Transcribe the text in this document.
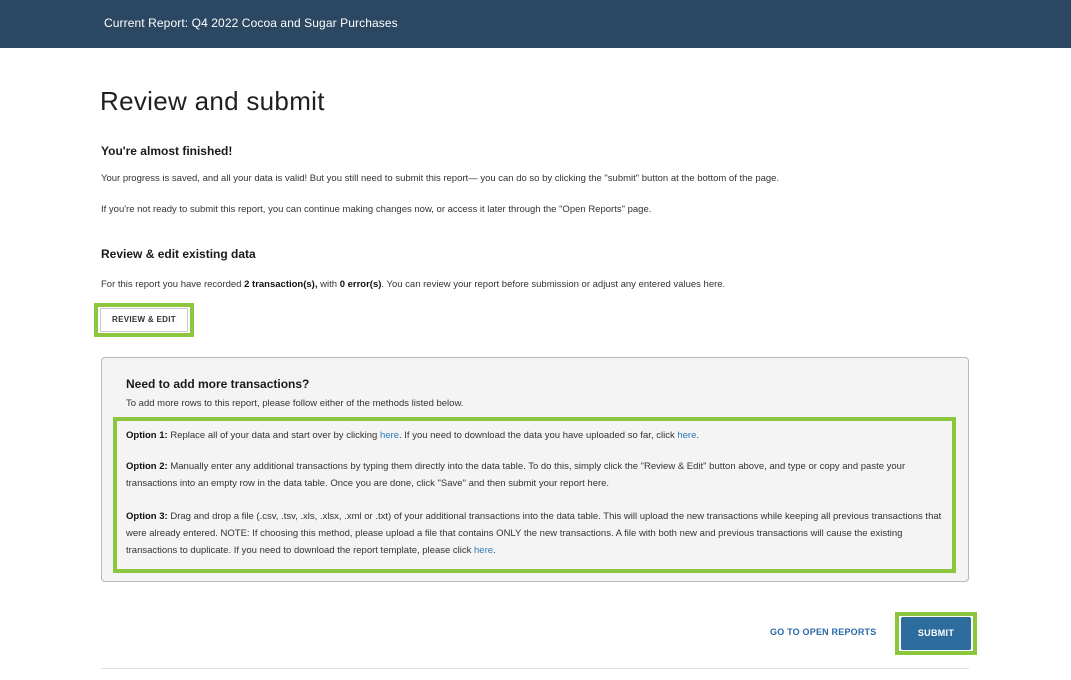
Current Report: Q4 2022 Cocoa and Sugar Purchases
Review and submit
You're almost finished!

Your progress is saved, and all your data is valid! But you still need to submit this report— you can do so by clicking the "submit" button at the bottom of the page.

If you're not ready to submit this report, you can continue making changes now, or access it later through the "Open Reports" page.

Review & edit existing data

For this report you have recorded 2 transaction(s), with 0 error(s). You can review your report before submission or adjust any entered values here.

REVIEW & EDIT
Need to add more transactions?
To add more rows to this report, please follow either of the methods listed below.
Option 1: Replace all of your data and start over by clicking here. If you need to download the data you have uploaded so far, click here.
Option 2: Manually enter any additional transactions by typing them directly into the data table. To do this, simply click the "Review & Edit" button above, and type or copy and paste your transactions into an empty row in the data table. Once you are done, click "Save" and then submit your report here.
Option 3: Drag and drop a file (.csv, .tsv, .xls, .xlsx, .xml or .txt) of your additional transactions into the data table. This will upload the new transactions while keeping all previous transactions that were already entered. NOTE: If choosing this method, please upload a file that contains ONLY the new transactions. A file with both new and previous transactions will cause the existing transactions to duplicate. If you need to download the report template, please click here.
GO TO OPEN REPORTS	SUBMIT
